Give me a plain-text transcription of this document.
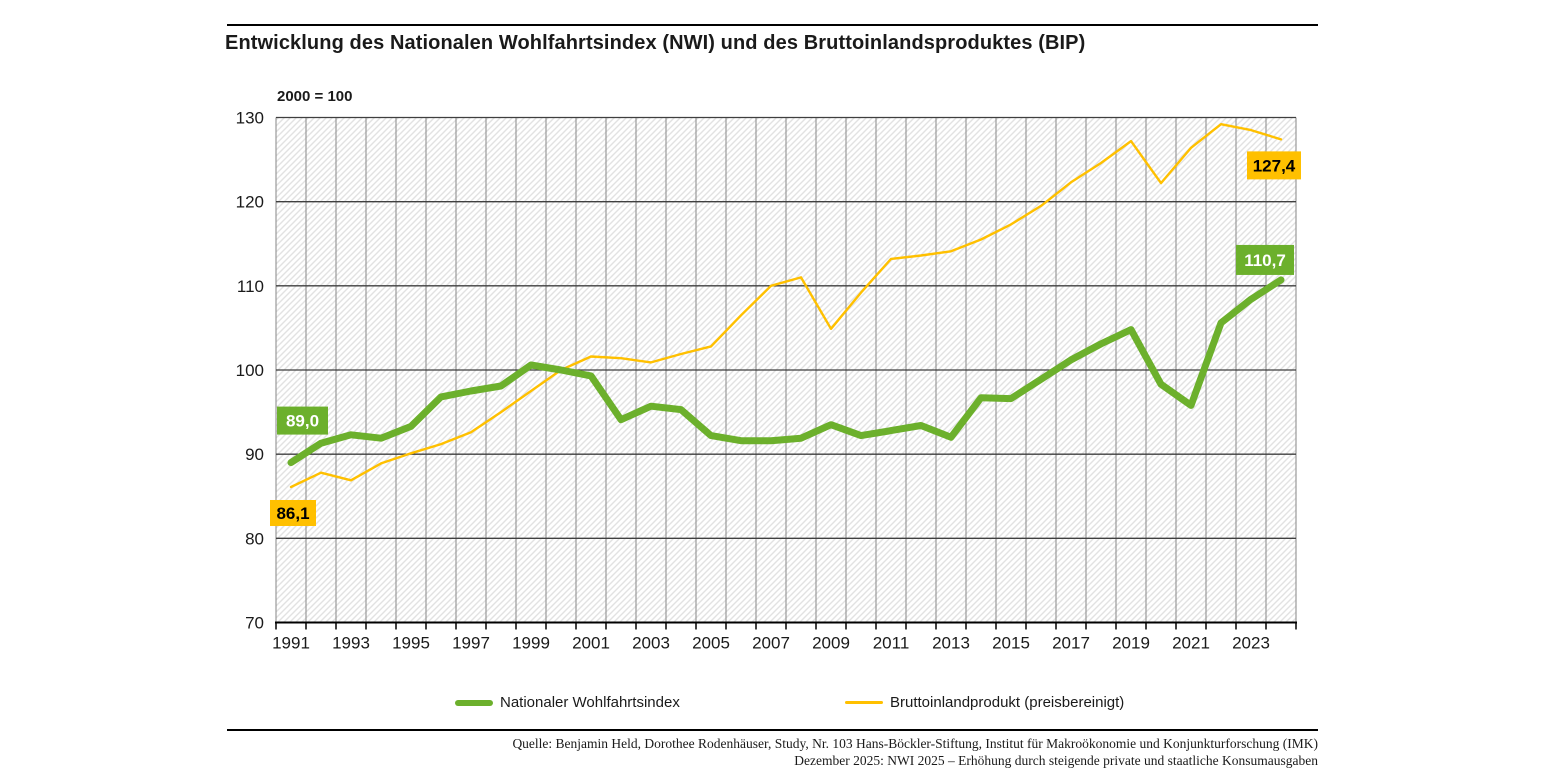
Entwicklung des Nationalen Wohlfahrtsindex (NWI) und des Bruttoinlandsproduktes (BIP)
2000 = 100
70
80
90
100
110
120
130
1991 1993 1995 1997 1999 2001 2003 2005 2007 2009 2011 2013 2015 2017 2019 2021 2023
89,0
110,7
86,1
127,4
Nationaler Wohlfahrtsindex	Bruttoinlandprodukt (preisbereinigt)
Quelle: Benjamin Held, Dorothee Rodenhäuser, Study, Nr. 103 Hans-Böckler-Stiftung, Institut für Makroökonomie und Konjunkturforschung (IMK)
Dezember 2025: NWI 2025 – Erhöhung durch steigende private und staatliche Konsumausgaben
